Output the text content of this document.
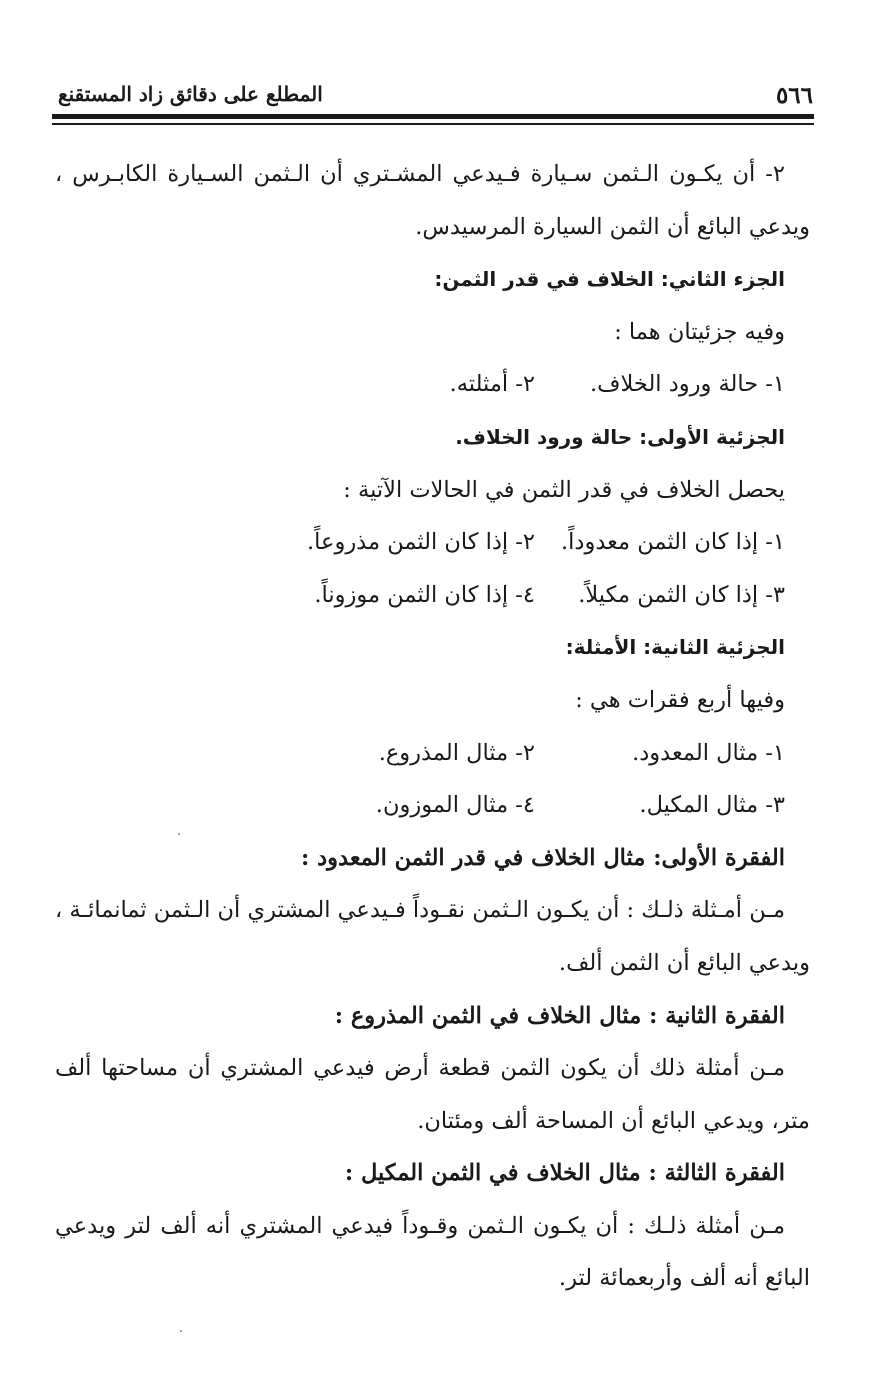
٥٦٦
المطلع على دقائق زاد المستقنع
٢- أن يكـون الـثمن سـيارة فـيدعي المشـتري أن الـثمن السـيارة الكابـرس ،
ويدعي البائع أن الثمن السيارة المرسيدس.
الجزء الثاني: الخلاف في قدر الثمن:
وفيه جزئيتان هما :
١- حالة ورود الخلاف.
٢- أمثلته.
الجزئية الأولى: حالة ورود الخلاف.
يحصل الخلاف في قدر الثمن في الحالات الآتية :
١- إذا كان الثمن معدوداً.
٢- إذا كان الثمن مذروعاً.
٣- إذا كان الثمن مكيلاً.
٤- إذا كان الثمن موزوناً.
الجزئية الثانية: الأمثلة:
وفيها أربع فقرات هي :
١- مثال المعدود.
٢- مثال المذروع.
٣- مثال المكيل.
٤- مثال الموزون.
الفقرة الأولى: مثال الخلاف في قدر الثمن المعدود :
مـن أمـثلة ذلـك : أن يكـون الـثمن نقـوداً فـيدعي المشتري أن الـثمن ثمانمائـة ،
ويدعي البائع أن الثمن ألف.
الفقرة الثانية : مثال الخلاف في الثمن المذروع :
مـن أمثلة ذلك أن يكون الثمن قطعة أرض فيدعي المشتري أن مساحتها ألف
متر، ويدعي البائع أن المساحة ألف ومئتان.
الفقرة الثالثة : مثال الخلاف في الثمن المكيل :
مـن أمثلة ذلـك : أن يكـون الـثمن وقـوداً فيدعي المشتري أنه ألف لتر ويدعي
البائع أنه ألف وأربعمائة لتر.
